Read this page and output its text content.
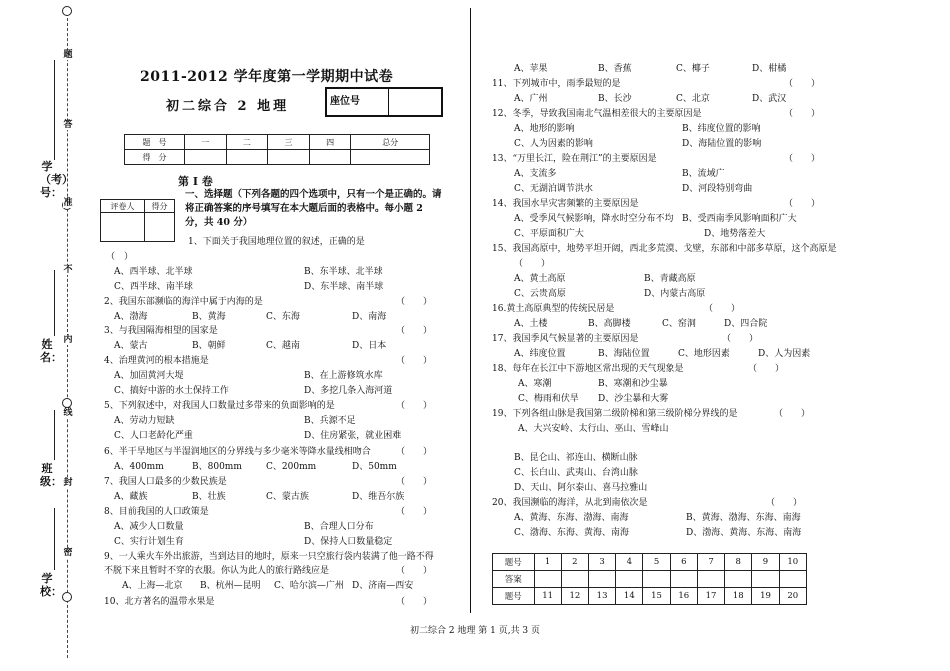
题
答
准
不
内
线
封
密
学（考）号：
姓名：
班级：
学校：
2011-2012 学年度第一学期期中试卷
初二综合 2 地理	座位号
题　号	一	二	三	四	总分
得　分					
第 Ⅰ 卷
评卷人	得分

一、选择题（下列各题的四个选项中，只有一个是正确的。请将正确答案的序号填写在本大题后面的表格中。每小题 2 分，共 40 分）
1、下面关于我国地理位置的叙述，正确的是
（　）
A、西半球、北半球	B、东半球、北半球
C、西半球、南半球	D、东半球、南半球
2、我国东部濒临的海洋中属于内海的是	（　　）
A、渤海	B、黄海	C、东海	D、南海
3、与我国隔海相望的国家是	（　　）
A、蒙古	B、朝鲜	C、越南	D、日本
4、治理黄河的根本措施是	（　　）
A、加固黄河大堤	B、在上游修筑水库
C、搞好中游的水土保持工作	D、多挖几条入海河道
5、下列叙述中，对我国人口数量过多带来的负面影响的是	（　　）
A、劳动力短缺	B、兵源不足
C、人口老龄化严重	D、住房紧张，就业困难
6、半干旱地区与半湿润地区的分界线与多少毫米等降水量线相吻合	（　　）
A、400mm	B、800mm	C、200mm	D、50mm
7、我国人口最多的少数民族是	（　　）
A、藏族	B、壮族	C、蒙古族	D、维吾尔族
8、目前我国的人口政策是	（　　）
A、减少人口数量	B、合理人口分布
C、实行计划生育	D、保持人口数量稳定
9、一人乘火车外出旅游，当到达目的地时，原来一只空旅行袋内装满了他一路不得
不脱下来且暂时不穿的衣服。你认为此人的旅行路线应是	（　　）
A、上海—北京 B、杭州—昆明 C、哈尔滨—广州 D、济南—西安
10、北方著名的温带水果是	（　　）
A、苹果	B、香蕉	C、椰子	D、柑橘
11、下列城市中，雨季最短的是	（　　）
A、广州	B、长沙	C、北京	D、武汉
12、冬季，导致我国南北气温相差很大的主要原因是	（　　）
A、地形的影响	B、纬度位置的影响
C、人为因素的影响	D、海陆位置的影响
13、“万里长江，险在荆江”的主要原因是	（　　）
A、支流多	B、流域广
C、无湖泊调节洪水	D、河段特别弯曲
14、我国水旱灾害频繁的主要原因是	（　　）
A、受季风气候影响，降水时空分布不均 B、受西南季风影响面积广大
C、平原面积广大	D、地势落差大
15、我国高原中，地势平坦开阔，西北多荒漠、戈壁，东部和中部多草原，这个高原是
（　　）
A、黄土高原	B、青藏高原
C、云贵高原	D、内蒙古高原
16.黄土高原典型的传统民居是	（　　）
A、土楼	B、高脚楼	C、窑洞	D、四合院
17、我国季风气候显著的主要原因是	（　　）
A、纬度位置	B、海陆位置	C、地形因素	D、人为因素
18、每年在长江中下游地区常出现的天气现象是	（　　）
A、寒潮	B、寒潮和沙尘暴
C、梅雨和伏旱 D、沙尘暴和大雾
19、下列各组山脉是我国第二级阶梯和第三级阶梯分界线的是	（　　）
A、大兴安岭、太行山、巫山、雪峰山
B、昆仑山、祁连山、横断山脉
C、长白山、武夷山、台湾山脉
D、天山、阿尔泰山、喜马拉雅山
20、我国濒临的海洋，从北到南依次是	（　　）
A、黄海、东海、渤海、南海	B、黄海、渤海、东海、南海
C、渤海、东海、黄海、南海	D、渤海、黄海、东海、南海
题号	1	2	3	4	5	6	7	8	9	10
答案										
题号	11	12	13	14	15	16	17	18	19	20
初二综合 2 地理 第 1 页,共 3 页
